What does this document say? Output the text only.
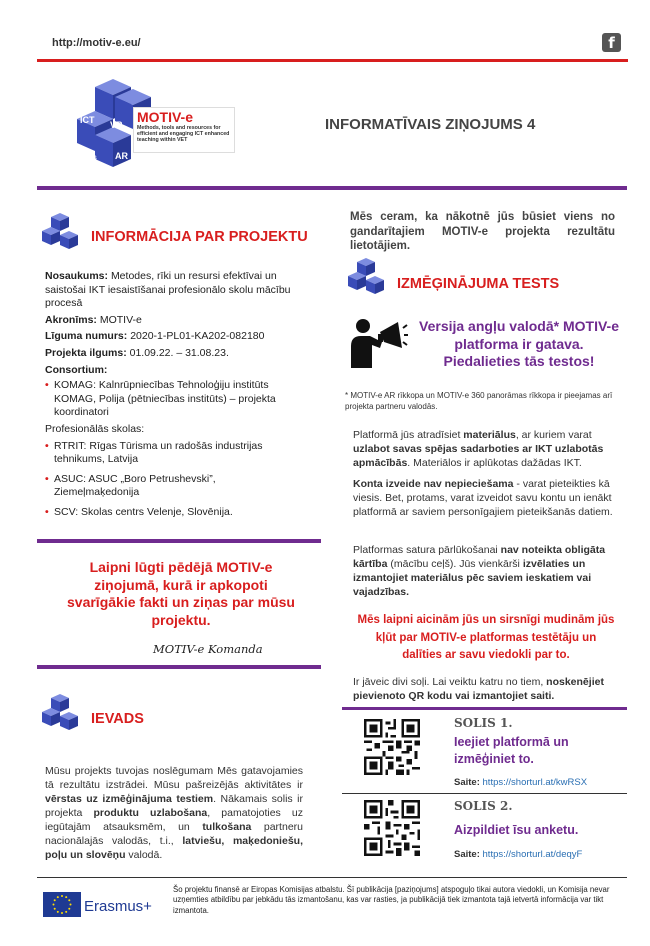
http://motiv-e.eu/	f
ICT VR
360s AR
MOTIV-e
Methods, tools and resources for efficient and engaging ICT enhanced teaching within VET
INFORMATĪVAIS ZIŅOJUMS 4
INFORMĀCIJA PAR PROJEKTU
Nosaukums: Metodes, rīki un resursi efektīvai un saistošai IKT iesaistīšanai profesionālo skolu mācību procesā
Akronīms: MOTIV-e
Līguma numurs: 2020-1-PL01-KA202-082180
Projekta ilgums: 01.09.22. – 31.08.23.
Consortium:
• KOMAG: Kalnrūpniecības Tehnoloģiju institūts KOMAG, Polija (pētniecības institūts) – projekta koordinatori
Profesionālās skolas:
• RTRIT: Rīgas Tūrisma un radošās industrijas tehnikums, Latvija
• ASUC: ASUC „Boro Petrushevski”, Ziemeļmaķedonija
• SCV: Skolas centrs Velenje, Slovēnija.
Laipni lūgti pēdējā MOTIV-e ziņojumā, kurā ir apkopoti svarīgākie fakti un ziņas par mūsu projektu.
MOTIV-e Komanda
IEVADS
Mūsu projekts tuvojas noslēgumam Mēs gatavojamies tā rezultātu izstrādei. Mūsu pašreizējās aktivitātes ir vērstas uz izmēģinājuma testiem. Nākamais solis ir projekta produktu uzlabošana, pamatojoties uz iegūtajām atsauksmēm, un tulkošana partneru nacionālajās valodās, t.i., latviešu, maķedoniešu, poļu un slovēņu valodā.
Mēs ceram, ka nākotnē jūs būsiet viens no gandarītajiem MOTIV-e projekta rezultātu lietotājiem.
IZMĒĢINĀJUMA TESTS
Versija angļu valodā* MOTIV-e platforma ir gatava. Piedalieties tās testos!
* MOTIV-e AR rīkkopa un MOTIV-e 360 panorāmas rīkkopa ir pieejamas arī projekta partneru valodās.
Platformā jūs atradīsiet materiālus, ar kuriem varat uzlabot savas spējas sadarboties ar IKT uzlabotās apmācībās. Materiālos ir aplūkotas dažādas IKT.
Konta izveide nav nepieciešama - varat pieteikties kā viesis. Bet, protams, varat izveidot savu kontu un ienākt platformā ar saviem personīgajiem pieteikšanās datiem.
Platformas satura pārlūkošanai nav noteikta obligāta kārtība (mācību ceļš). Jūs vienkārši izvēlaties un izmantojiet materiālus pēc saviem ieskatiem vai vajadzības.
Mēs laipni aicinām jūs un sirsnīgi mudinām jūs kļūt par MOTIV-e platformas testētāju un dalīties ar savu viedokli par to.
Ir jāveic divi soļi. Lai veiktu katru no tiem, noskenējiet pievienoto QR kodu vai izmantojiet saiti.
SOLIS 1.
Ieejiet platformā un izmēģiniet to.
Saite: https://shorturl.at/kwRSX
SOLIS 2.
Aizpildiet īsu anketu.
Saite: https://shorturl.at/deqyF
Erasmus+
Šo projektu finansē ar Eiropas Komisijas atbalstu. Šī publikācija [paziņojums] atspoguļo tikai autora viedokli, un Komisija nevar uzņemties atbildību par jebkādu tās izmantošanu, kas var rasties, ja publikācijā tiek izmantota tajā ietvertā informācija var tikt izmantota.
